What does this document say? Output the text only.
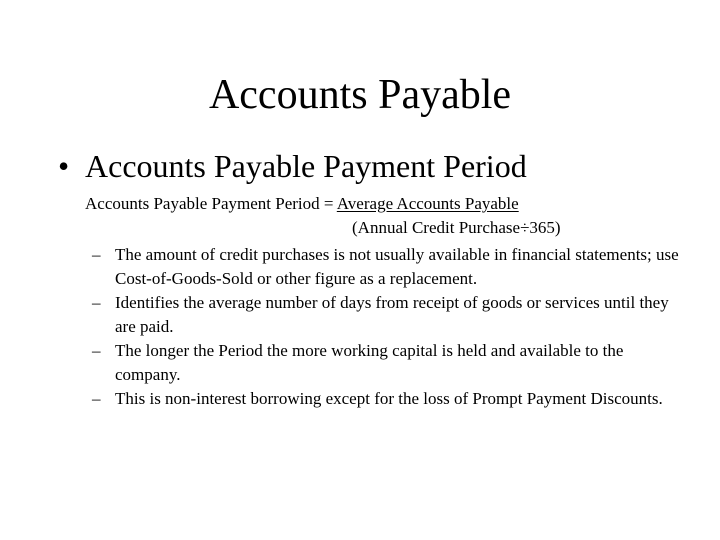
Accounts Payable
• Accounts Payable Payment Period
Accounts Payable Payment Period = Average Accounts Payable
(Annual Credit Purchase÷365)
– The amount of credit purchases is not usually available in financial statements; use Cost-of-Goods-Sold or other figure as a replacement.
– Identifies the average number of days from receipt of goods or services until they are paid.
– The longer the Period the more working capital is held and available to the company.
– This is non-interest borrowing except for the loss of Prompt Payment Discounts.
